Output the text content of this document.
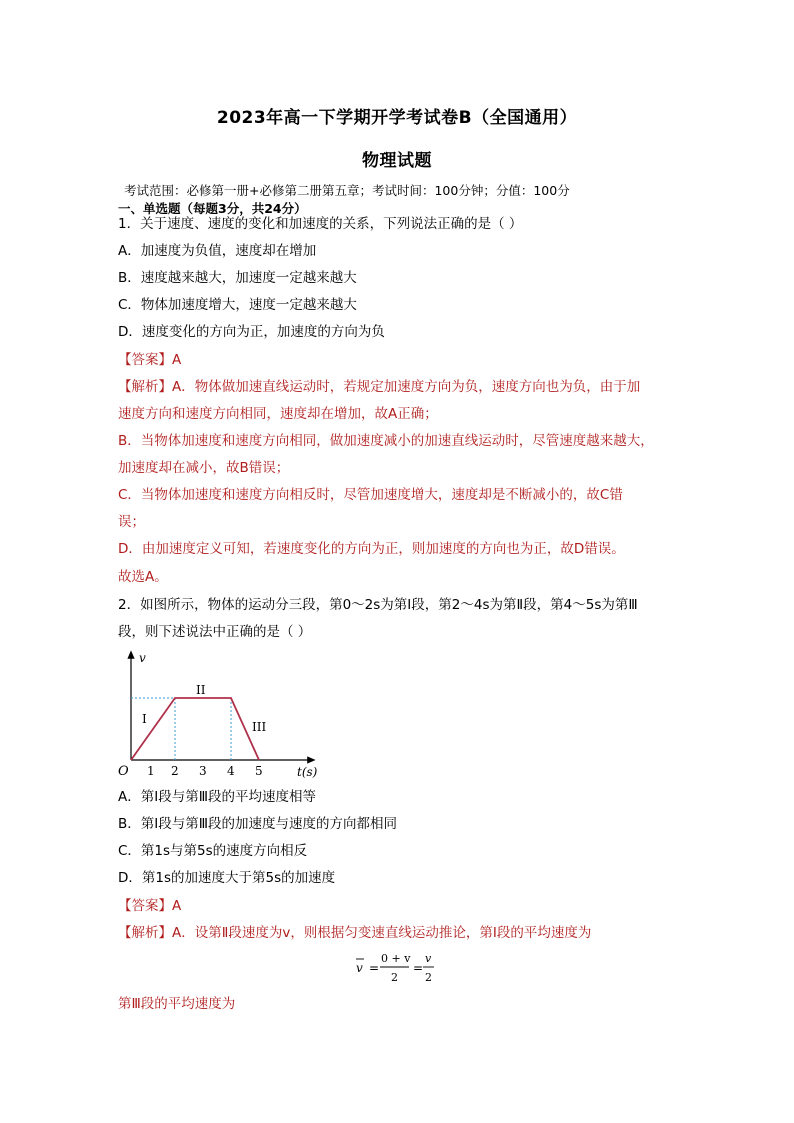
2023年高一下学期开学考试卷B（全国通用）
物理试题
考试范围：必修第一册+必修第二册第五章；考试时间：100分钟；分值：100分
一、单选题（每题3分，共24分）
1．关于速度、速度的变化和加速度的关系，下列说法正确的是（ ）
A．加速度为负值，速度却在增加
B．速度越来越大，加速度一定越来越大
C．物体加速度增大，速度一定越来越大
D．速度变化的方向为正，加速度的方向为负
【答案】A
【解析】A．物体做加速直线运动时，若规定加速度方向为负，速度方向也为负，由于加
速度方向和速度方向相同，速度却在增加，故A正确；
B．当物体加速度和速度方向相同，做加速度减小的加速直线运动时，尽管速度越来越大，
加速度却在减小，故B错误；
C．当物体加速度和速度方向相反时，尽管加速度增大，速度却是不断减小的，故C错
误；
D．由加速度定义可知，若速度变化的方向为正，则加速度的方向也为正，故D错误。
故选A。
2．如图所示，物体的运动分三段，第0～2s为第Ⅰ段，第2～4s为第Ⅱ段，第4～5s为第Ⅲ
段，则下述说法中正确的是（ ）
v
I
II
III
O 1 2 3 4 5	t(s)
A．第Ⅰ段与第Ⅲ段的平均速度相等
B．第Ⅰ段与第Ⅲ段的加速度与速度的方向都相同
C．第1s与第5s的速度方向相反
D．第1s的加速度大于第5s的加速度
【答案】A
【解析】A．设第Ⅱ段速度为v，则根据匀变速直线运动推论，第Ⅰ段的平均速度为
v =
0 + v
2
=
v
2
第Ⅲ段的平均速度为
